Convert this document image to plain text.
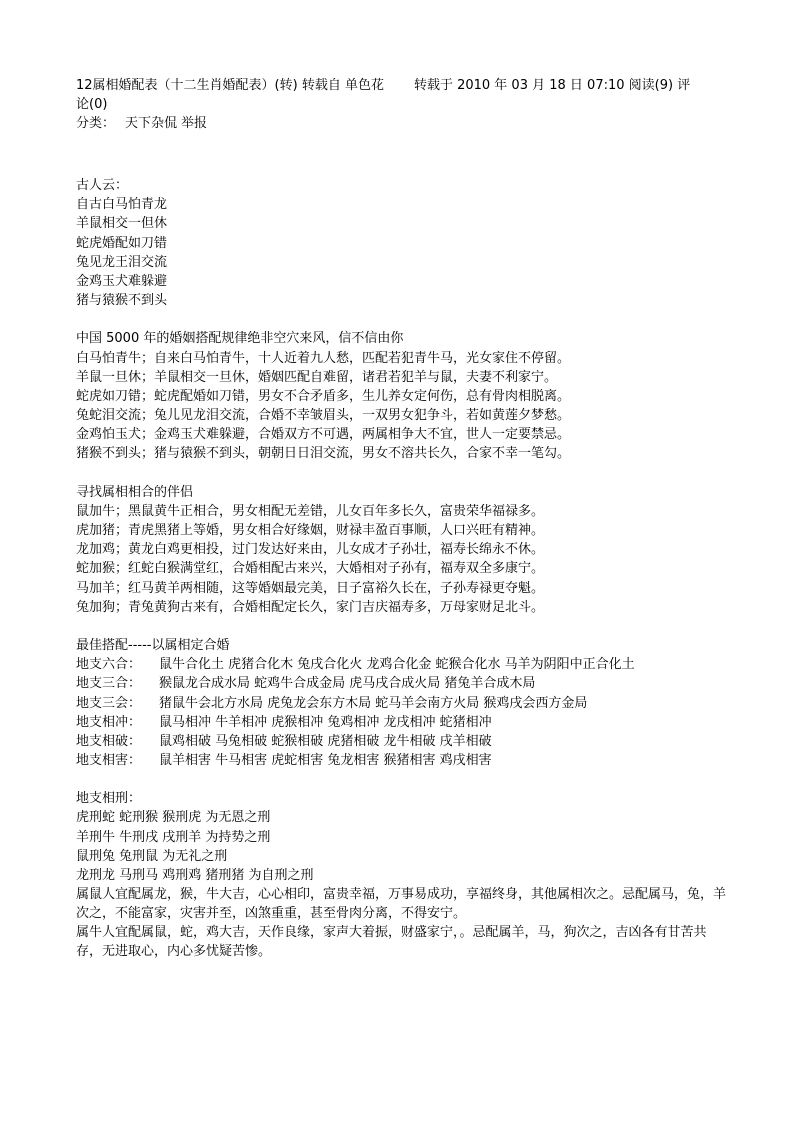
12属相婚配表（十二生肖婚配表）(转) 转载自 单色花 转载于 2010 年 03 月 18 日 07:10 阅读(9) 评
论(0)
分类： 天下杂侃 举报
古人云：
自古白马怕青龙
羊鼠相交一但休
蛇虎婚配如刀错
兔见龙王泪交流
金鸡玉犬难躲避
猪与猿猴不到头
中国 5000 年的婚姻搭配规律绝非空穴来风，信不信由你
白马怕青牛；自来白马怕青牛，十人近着九人愁，匹配若犯青牛马，光女家住不停留。
羊鼠一旦休；羊鼠相交一旦休，婚姻匹配自难留，诸君若犯羊与鼠，夫妻不利家宁。
蛇虎如刀错；蛇虎配婚如刀错，男女不合矛盾多，生儿养女定何伤，总有骨肉相脱离。
兔蛇泪交流；兔儿见龙泪交流，合婚不幸皱眉头，一双男女犯争斗，若如黄莲夕梦愁。
金鸡怕玉犬；金鸡玉犬难躲避，合婚双方不可遇，两属相争大不宜，世人一定要禁忌。
猪猴不到头；猪与猿猴不到头，朝朝日日泪交流，男女不溶共长久，合家不幸一笔勾。
寻找属相相合的伴侣
鼠加牛；黑鼠黄牛正相合，男女相配无差错，儿女百年多长久，富贵荣华福禄多。
虎加猪；青虎黑猪上等婚，男女相合好缘姻，财禄丰盈百事顺，人口兴旺有精神。
龙加鸡；黄龙白鸡更相投，过门发达好来由，儿女成才子孙壮，福寿长绵永不休。
蛇加猴；红蛇白猴满堂红，合婚相配古来兴，大婚相对子孙有，福寿双全多康宁。
马加羊；红马黄羊两相随，这等婚姻最完美，日子富裕久长在，子孙寿禄更夺魁。
兔加狗；青兔黄狗古来有，合婚相配定长久，家门吉庆福寿多，万母家财足北斗。
最佳搭配-----以属相定合婚
地支六合： 鼠牛合化土 虎猪合化木 兔戌合化火 龙鸡合化金 蛇猴合化水 马羊为阴阳中正合化土
地支三合： 猴鼠龙合成水局 蛇鸡牛合成金局 虎马戌合成火局 猪兔羊合成木局
地支三会： 猪鼠牛会北方水局 虎兔龙会东方木局 蛇马羊会南方火局 猴鸡戌会西方金局
地支相冲： 鼠马相冲 牛羊相冲 虎猴相冲 兔鸡相冲 龙戌相冲 蛇猪相冲
地支相破： 鼠鸡相破 马兔相破 蛇猴相破 虎猪相破 龙牛相破 戌羊相破
地支相害： 鼠羊相害 牛马相害 虎蛇相害 兔龙相害 猴猪相害 鸡戌相害
地支相刑：
虎刑蛇 蛇刑猴 猴刑虎 为无恩之刑
羊刑牛 牛刑戌 戌刑羊 为持势之刑
鼠刑兔 兔刑鼠 为无礼之刑
龙刑龙 马刑马 鸡刑鸡 猪刑猪 为自刑之刑
属鼠人宜配属龙，猴，牛大吉，心心相印，富贵幸福，万事易成功，享福终身，其他属相次之。忌配属马，兔，羊次之，不能富家，灾害并至，凶煞重重，甚至骨肉分离，不得安宁。
属牛人宜配属鼠，蛇，鸡大吉，天作良缘，家声大着振，财盛家宁，。忌配属羊，马，狗次之，吉凶各有甘苦共存，无进取心，内心多忧疑苦惨。
